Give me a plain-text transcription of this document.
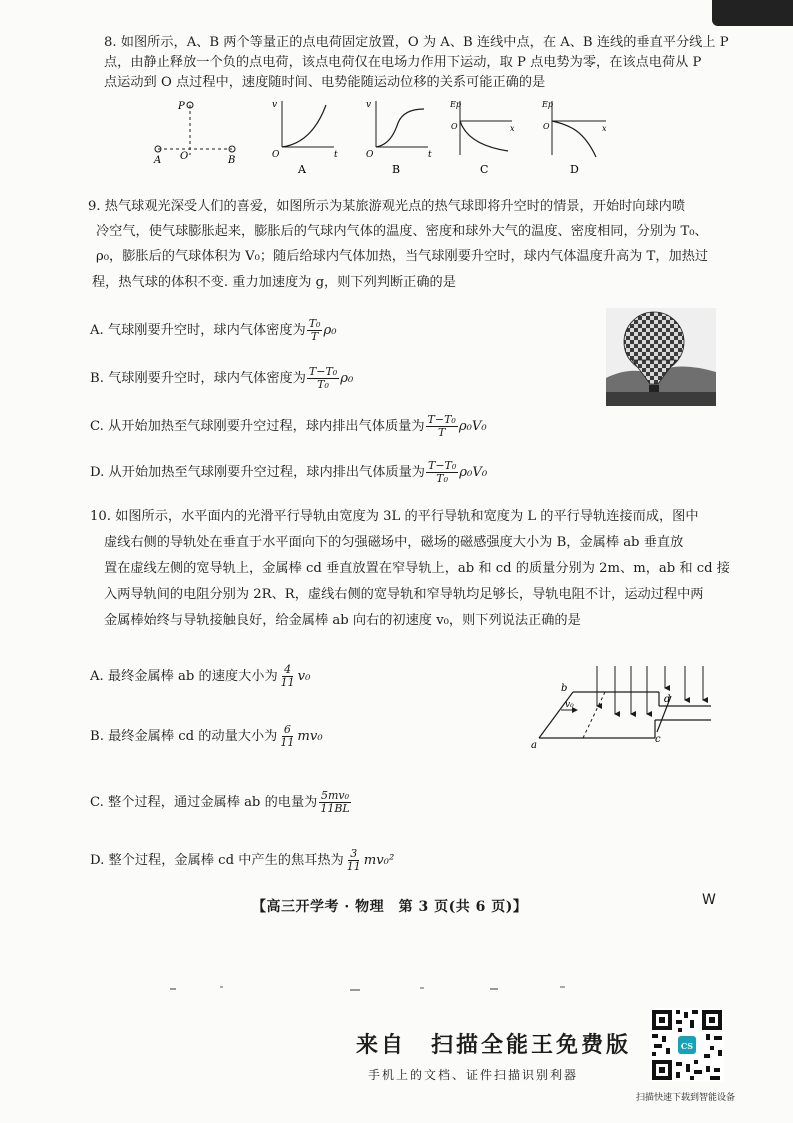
8. 如图所示，A、B 两个等量正的点电荷固定放置，O 为 A、B 连线中点，在 A、B 连线的垂直平分线上 P
点，由静止释放一个负的点电荷，该点电荷仅在电场力作用下运动，取 P 点电势为零，在该点电荷从 P
点运动到 O 点过程中，速度随时间、电势能随运动位移的关系可能正确的是
P
A	B
O
v
t
O
A
v
t
O
B
Ep
x
O
C
Ep
x
O
D
9. 热气球观光深受人们的喜爱，如图所示为某旅游观光点的热气球即将升空时的情景，开始时向球内喷
冷空气，使气球膨胀起来，膨胀后的气球内气体的温度、密度和球外大气的温度、密度相同，分别为 T₀、
ρ₀，膨胀后的气球体积为 V₀；随后给球内气体加热，当气球刚要升空时，球内气体温度升高为 T，加热过
程，热气球的体积不变. 重力加速度为 g，则下列判断正确的是
A. 气球刚要升空时，球内气体密度为 $\frac{\text{T₀}}{T} \rho_0$
B. 气球刚要升空时，球内气体密度为 $\frac{\text{T−T₀}}{\text{T₀}} \rho_0$
C. 从开始加热至气球刚要升空过程，球内排出气体质量为 $\frac{\text{T−T₀}}{T} \rho_0V_0$
D. 从开始加热至气球刚要升空过程，球内排出气体质量为 $\frac{\text{T−T₀}}{\text{T₀}} \rho_0V_0$
10. 如图所示，水平面内的光滑平行导轨由宽度为 3L 的平行导轨和宽度为 L 的平行导轨连接而成，图中
虚线右侧的导轨处在垂直于水平面向下的匀强磁场中，磁场的磁感强度大小为 B，金属棒 ab 垂直放
置在虚线左侧的宽导轨上，金属棒 cd 垂直放置在窄导轨上，ab 和 cd 的质量分别为 2m、m，ab 和 cd 接
入两导轨间的电阻分别为 2R、R，虚线右侧的宽导轨和窄导轨均足够长，导轨电阻不计，运动过程中两
金属棒始终与导轨接触良好，给金属棒 ab 向右的初速度 v₀，则下列说法正确的是
A. 最终金属棒 ab 的速度大小为 $\frac{4}{11} v_0$
B. 最终金属棒 cd 的动量大小为 $\frac{6}{11} mv_0$
C. 整个过程，通过金属棒 ab 的电量为 $\frac{\text{5mv₀}}{11BL}$
D. 整个过程，金属棒 cd 中产生的焦耳热为 $\frac{3}{11} mv_0^2$
v₀
b
a
d
c
【高三开学考 · 物理　第 3 页(共 6 页)】	W
来自　扫描全能王免费版
手机上的文档、证件扫描识别利器
CS
扫描快速下载到智能设备
